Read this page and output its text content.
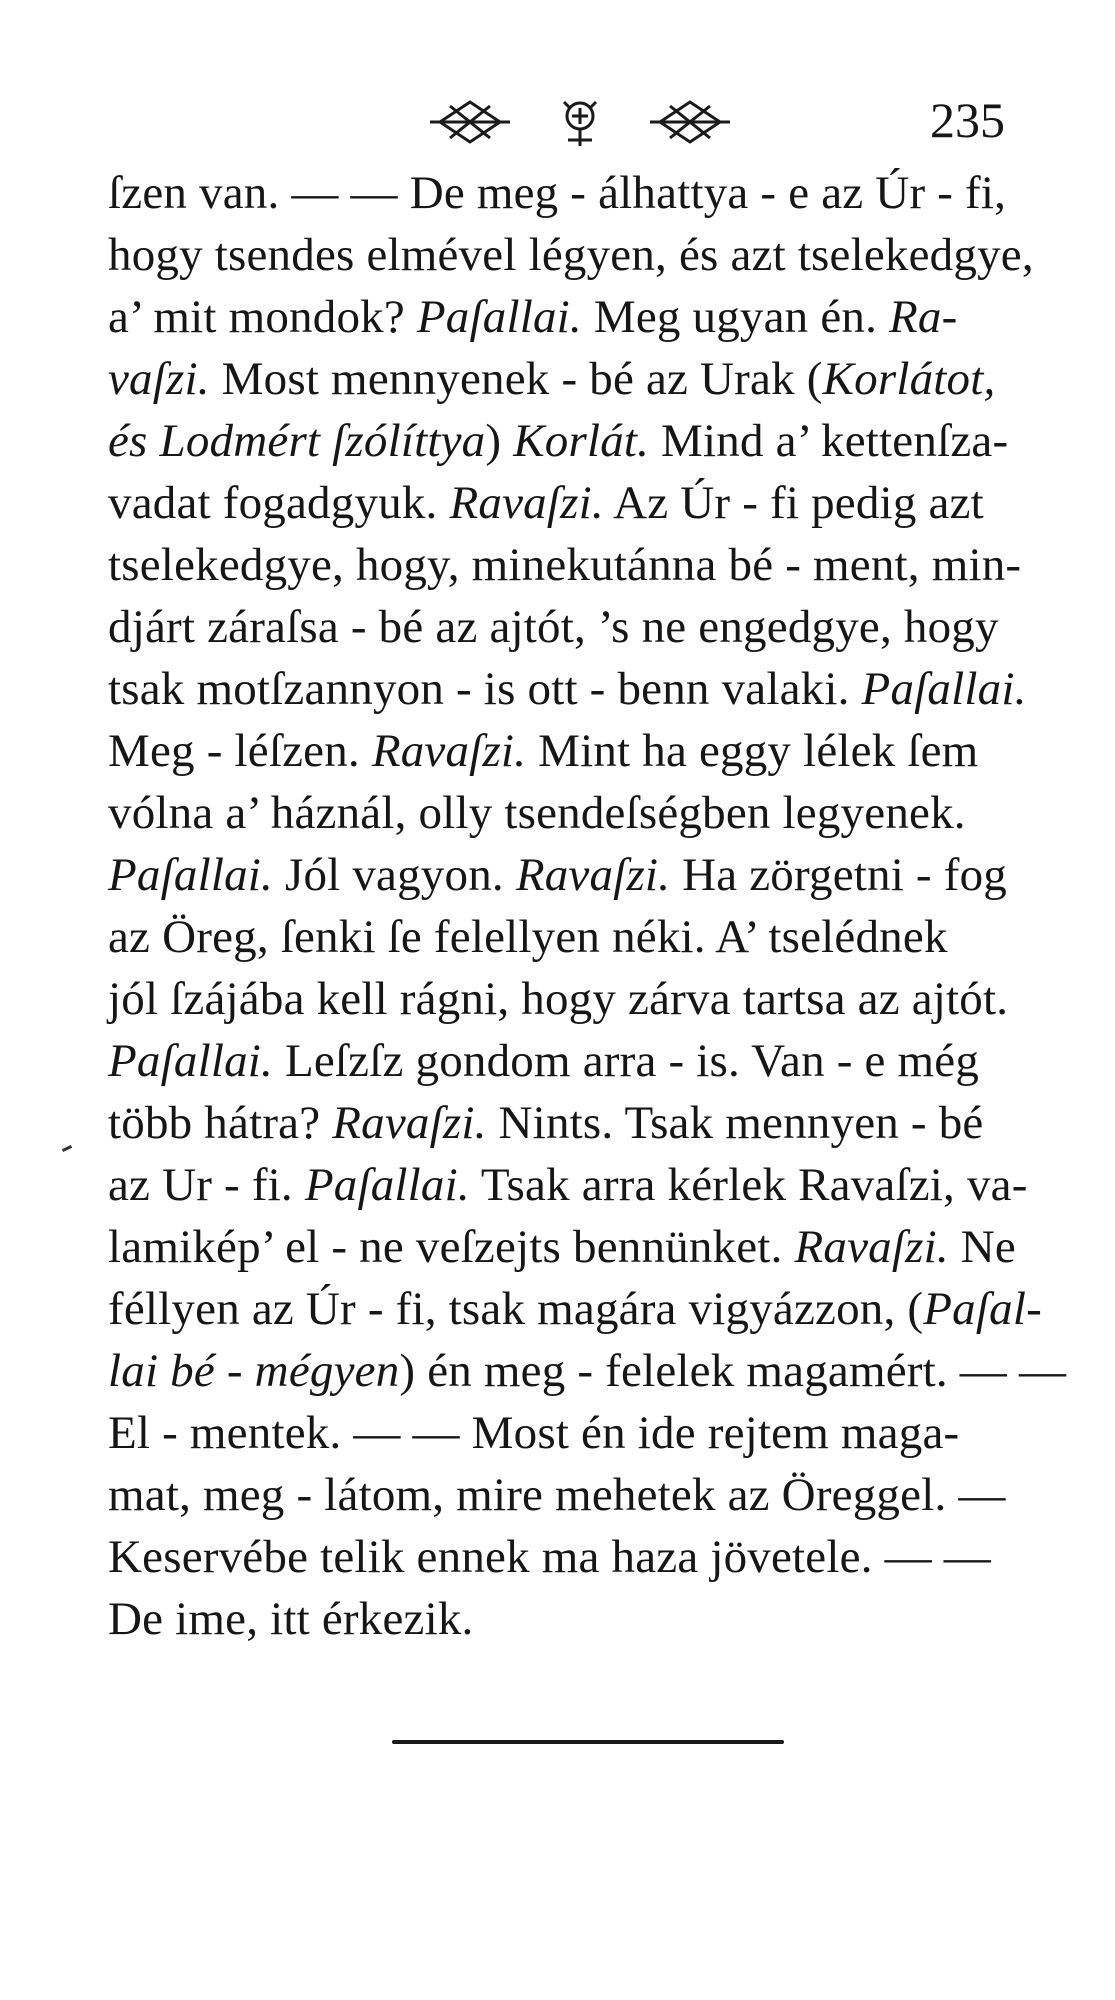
235
ſzen van. — — De meg - álhattya - e az Úr - fi,
hogy tsendes elmével légyen, és azt tselekedgye,
a’ mit mondok? Paſallai. Meg ugyan én. Ra-
vaſzi. Most mennyenek - bé az Urak (Korlátot,
és Lodmért ſzólíttya) Korlát. Mind a’ kettenſza-
vadat fogadgyuk. Ravaſzi. Az Úr - fi pedig azt
tselekedgye, hogy, minekutánna bé - ment, min-
djárt záraſsa - bé az ajtót, ’s ne engedgye, hogy
tsak motſzannyon - is ott - benn valaki. Paſallai.
Meg - léſzen. Ravaſzi. Mint ha eggy lélek ſem
vólna a’ háznál, olly tsendeſségben legyenek.
Paſallai. Jól vagyon. Ravaſzi. Ha zörgetni - fog
az Öreg, ſenki ſe felellyen néki. A’ tselédnek
jól ſzájába kell rágni, hogy zárva tartsa az ajtót.
Paſallai. Leſzſz gondom arra - is. Van - e még
több hátra? Ravaſzi. Nints. Tsak mennyen - bé
az Ur - fi. Paſallai. Tsak arra kérlek Ravaſzi, va-
lamikép’ el - ne veſzejts bennünket. Ravaſzi. Ne
féllyen az Úr - fi, tsak magára vigyázzon, (Paſal-
lai bé - mégyen) én meg - felelek magamért. — —
El - mentek. — — Most én ide rejtem maga-
mat, meg - látom, mire mehetek az Öreggel. —
Keservébe telik ennek ma haza jövetele. — —
De ime, itt érkezik.
